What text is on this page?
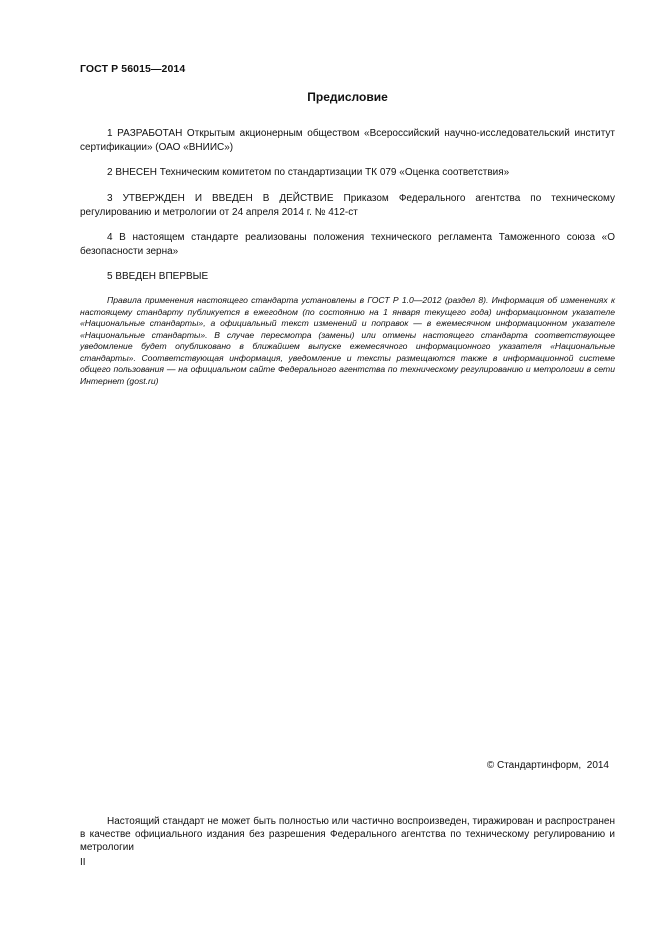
ГОСТ Р 56015—2014
Предисловие
1 РАЗРАБОТАН Открытым акционерным обществом «Всероссийский научно-исследовательский институт сертификации» (ОАО «ВНИИС»)
2 ВНЕСЕН Техническим комитетом по стандартизации ТК 079 «Оценка соответствия»
3 УТВЕРЖДЕН И ВВЕДЕН В ДЕЙСТВИЕ Приказом Федерального агентства по техническому регулированию и метрологии от 24 апреля 2014 г. № 412-ст
4 В настоящем стандарте реализованы положения технического регламента Таможенного союза «О безопасности зерна»
5 ВВЕДЕН ВПЕРВЫЕ
Правила применения настоящего стандарта установлены в ГОСТ Р 1.0—2012 (раздел 8). Информация об изменениях к настоящему стандарту публикуется в ежегодном (по состоянию на 1 января текущего года) информационном указателе «Национальные стандарты», а официальный текст изменений и поправок — в ежемесячном информационном указателе «Национальные стандарты». В случае пересмотра (замены) или отмены настоящего стандарта соответствующее уведомление будет опубликовано в ближайшем выпуске ежемесячного информационного указателя «Национальные стандарты». Соответствующая информация, уведомление и тексты размещаются также в информационной системе общего пользования — на официальном сайте Федерального агентства по техническому регулированию и метрологии в сети Интернет (gost.ru)
© Стандартинформ,  2014
Настоящий стандарт не может быть полностью или частично воспроизведен, тиражирован и распространен в качестве официального издания без разрешения Федерального агентства по техническому регулированию и метрологии
II
